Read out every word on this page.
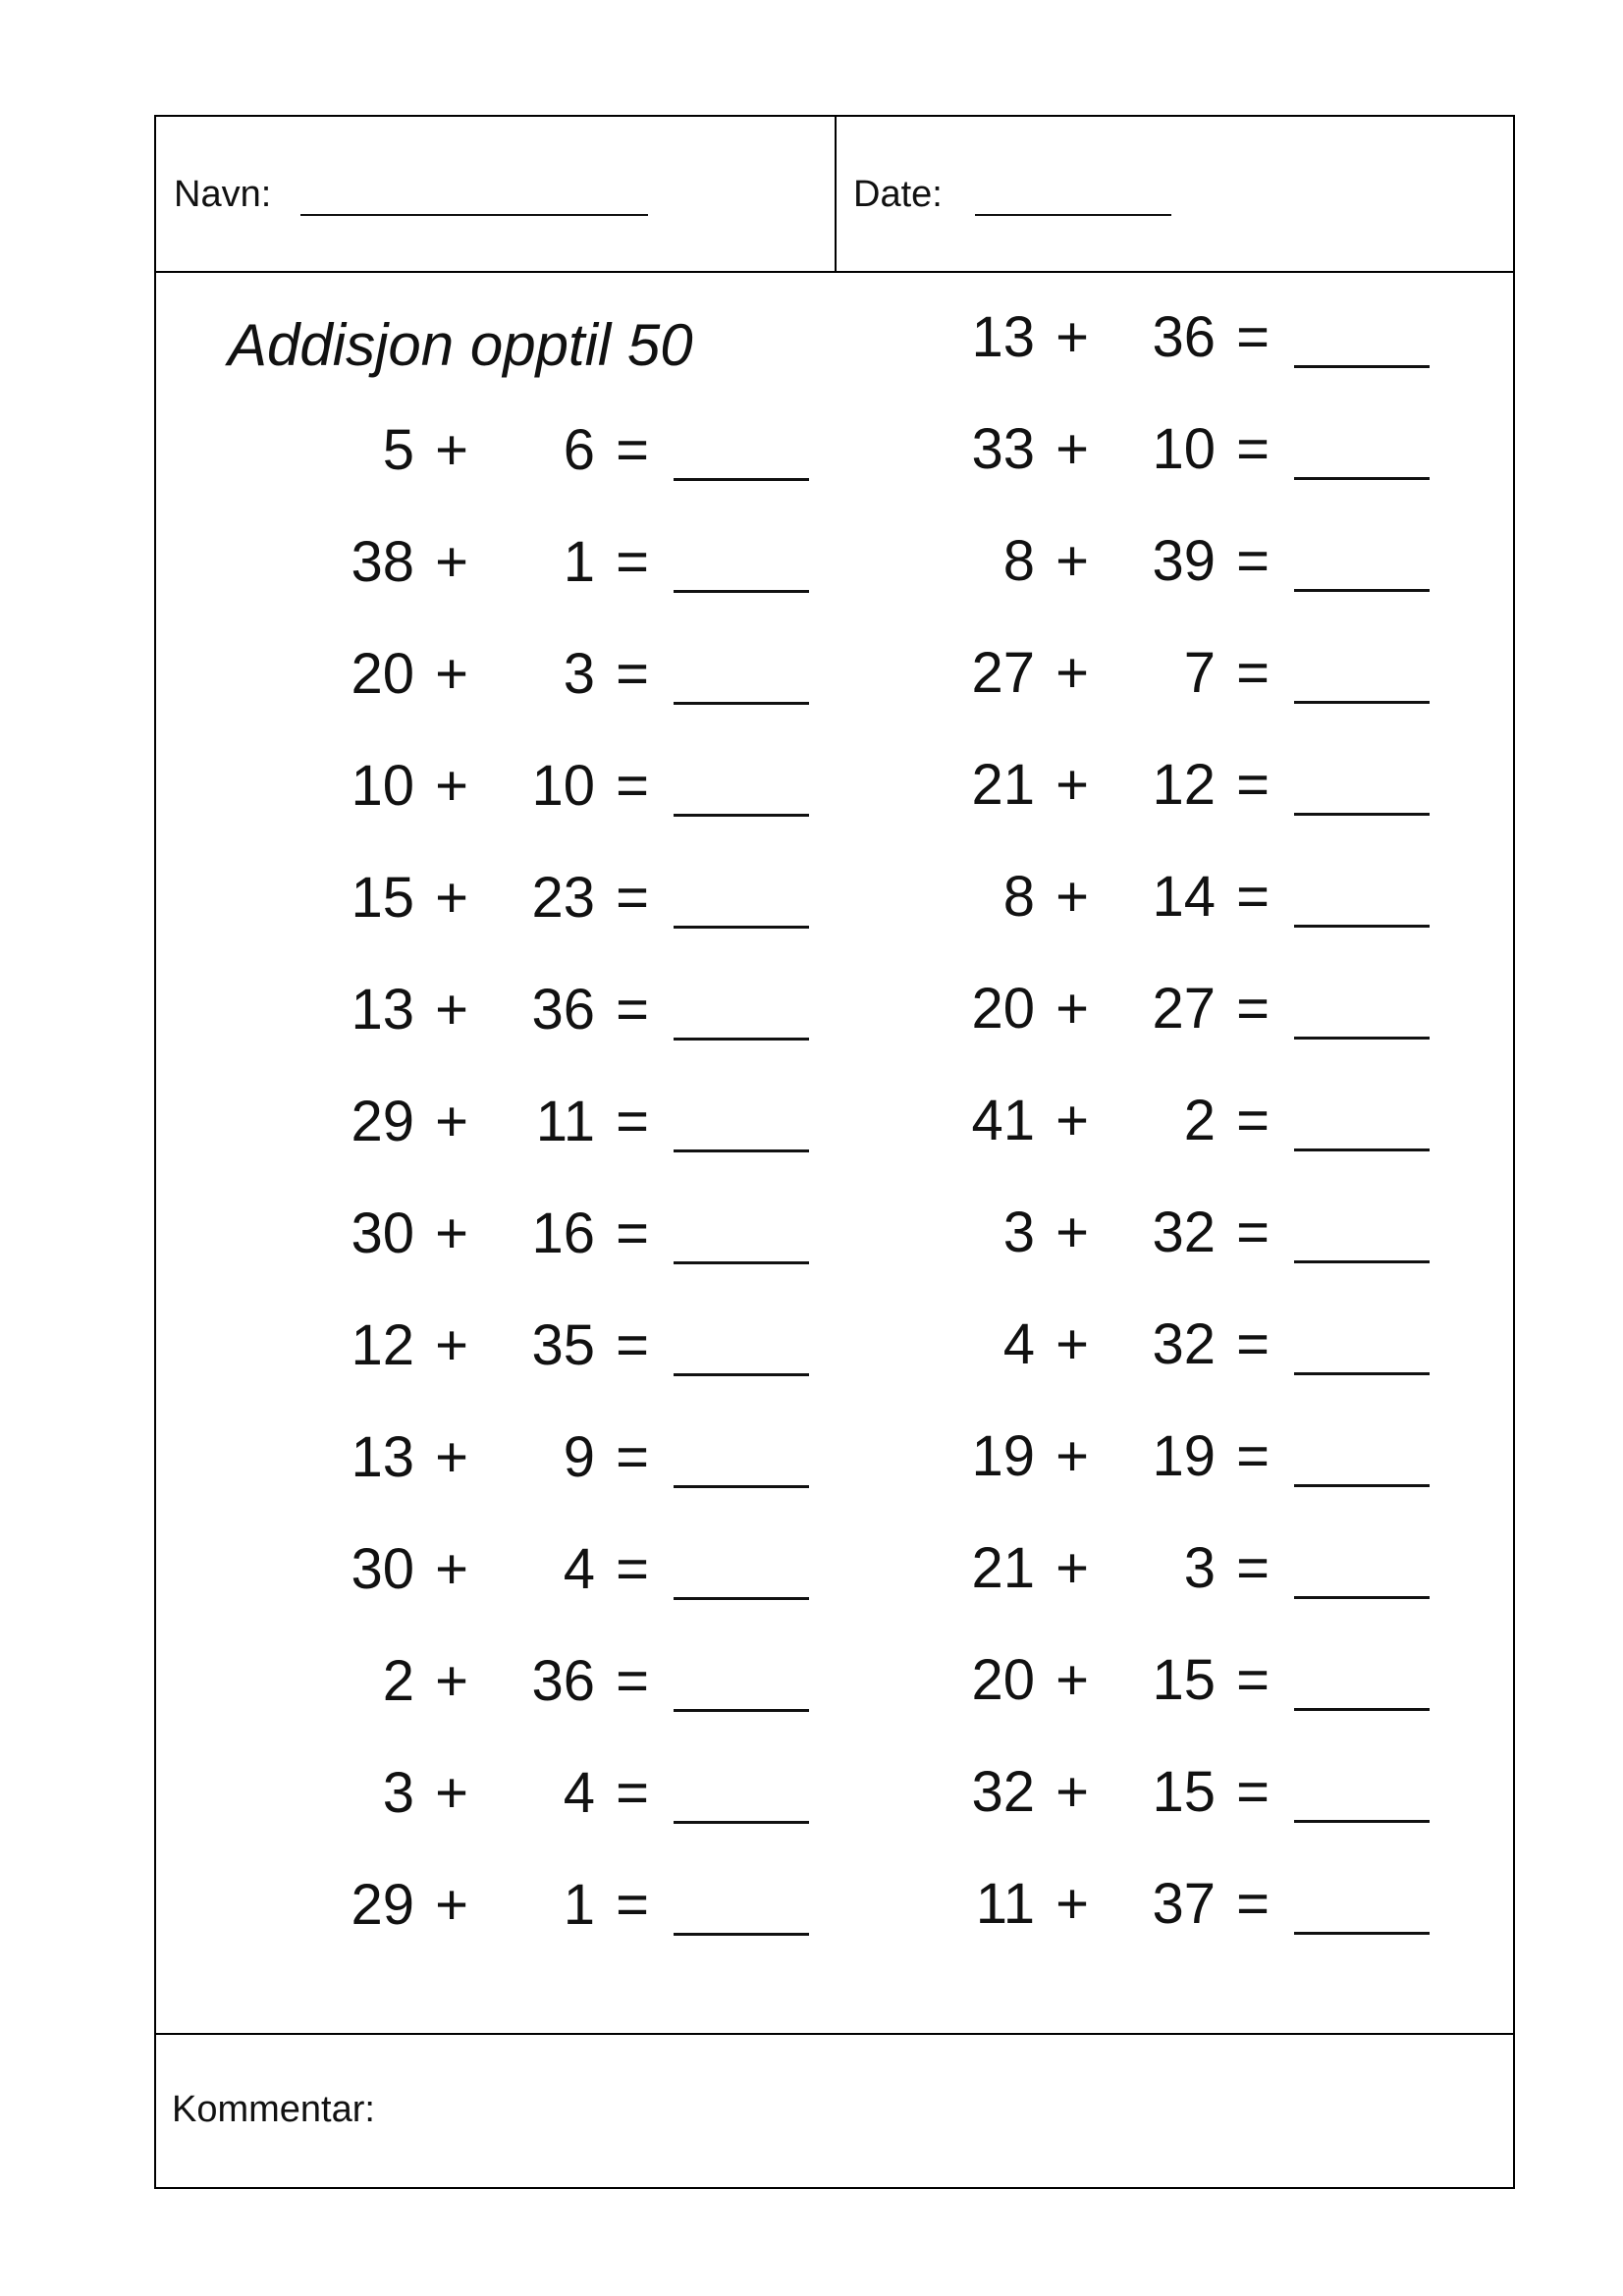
Navn:	Date:
Addisjon opptil 50
5 +	6 =
38 +	1 =
20 +	3 =
10 +	10 =
15 +	23 =
13 +	36 =
29 +	11 =
30 +	16 =
12 +	35 =
13 +	9 =
30 +	4 =
2 +	36 =
3 +	4 =
29 +	1 =
13 +	36 =
33 +	10 =
8 +	39 =
27 +	7 =
21 +	12 =
8 +	14 =
20 +	27 =
41 +	2 =
3 +	32 =
4 +	32 =
19 +	19 =
21 +	3 =
20 +	15 =
32 +	15 =
11 +	37 =
Kommentar:
